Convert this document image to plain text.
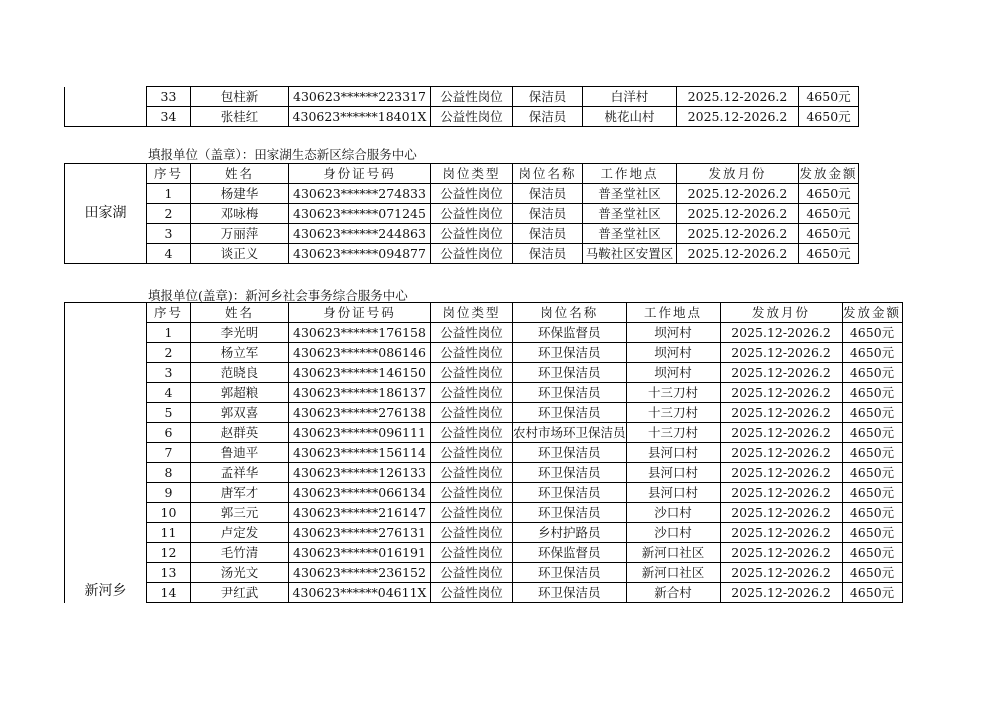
	33	包柱新	430623******223317	公益性岗位	保洁员	白洋村	2025.12-2026.2	4650元
	34	张桂红	430623******18401X	公益性岗位	保洁员	桃花山村	2025.12-2026.2	4650元
填报单位（盖章）：田家湖生态新区综合服务中心
田家湖	序号	姓名	身份证号码	岗位类型	岗位名称	工作地点	发放月份	发放金额
	1	杨建华	430623******274833	公益性岗位	保洁员	普圣堂社区	2025.12-2026.2	4650元
	2	邓咏梅	430623******071245	公益性岗位	保洁员	普圣堂社区	2025.12-2026.2	4650元
	3	万丽萍	430623******244863	公益性岗位	保洁员	普圣堂社区	2025.12-2026.2	4650元
	4	谈正义	430623******094877	公益性岗位	保洁员	马鞍社区安置区	2025.12-2026.2	4650元
填报单位(盖章)：新河乡社会事务综合服务中心
新河乡	序号	姓名	身份证号码	岗位类型	岗位名称	工作地点	发放月份	发放金额
	1	李光明	430623******176158	公益性岗位	环保监督员	坝河村	2025.12-2026.2	4650元
	2	杨立军	430623******086146	公益性岗位	环卫保洁员	坝河村	2025.12-2026.2	4650元
	3	范晓良	430623******146150	公益性岗位	环卫保洁员	坝河村	2025.12-2026.2	4650元
	4	郭超粮	430623******186137	公益性岗位	环卫保洁员	十三刀村	2025.12-2026.2	4650元
	5	郭双喜	430623******276138	公益性岗位	环卫保洁员	十三刀村	2025.12-2026.2	4650元
	6	赵群英	430623******096111	公益性岗位	农村市场环卫保洁员	十三刀村	2025.12-2026.2	4650元
	7	鲁迪平	430623******156114	公益性岗位	环卫保洁员	县河口村	2025.12-2026.2	4650元
	8	孟祥华	430623******126133	公益性岗位	环卫保洁员	县河口村	2025.12-2026.2	4650元
	9	唐军才	430623******066134	公益性岗位	环卫保洁员	县河口村	2025.12-2026.2	4650元
	10	郭三元	430623******216147	公益性岗位	环卫保洁员	沙口村	2025.12-2026.2	4650元
	11	卢定发	430623******276131	公益性岗位	乡村护路员	沙口村	2025.12-2026.2	4650元
	12	毛竹清	430623******016191	公益性岗位	环保监督员	新河口社区	2025.12-2026.2	4650元
	13	汤光文	430623******236152	公益性岗位	环卫保洁员	新河口社区	2025.12-2026.2	4650元
	14	尹红武	430623******04611X	公益性岗位	环卫保洁员	新合村	2025.12-2026.2	4650元
